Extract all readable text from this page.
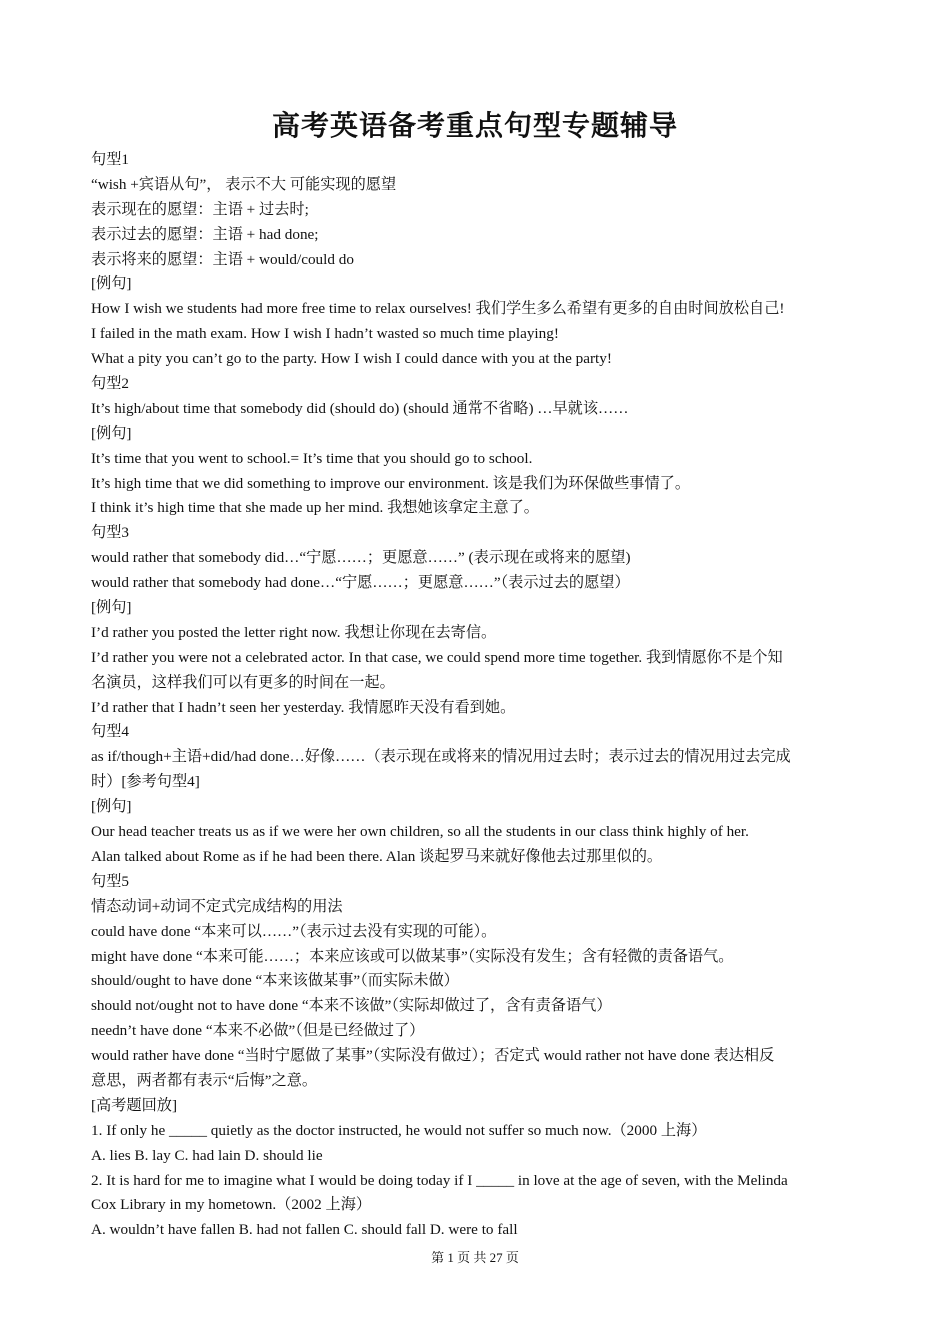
高考英语备考重点句型专题辅导
句型1
“wish +宾语从句”， 表示不大 可能实现的愿望
表示现在的愿望：主语 + 过去时;
表示过去的愿望：主语 + had done;
表示将来的愿望：主语 + would/could do
[例句]
How I wish we students had more free time to relax ourselves! 我们学生多么希望有更多的自由时间放松自己!
I failed in the math exam. How I wish I hadn’t wasted so much time playing!
What a pity you can’t go to the party. How I wish I could dance with you at the party!
句型2
It’s high/about time that somebody did (should do) (should 通常不省略) …早就该……
[例句]
It’s time that you went to school.= It’s time that you should go to school.
It’s high time that we did something to improve our environment. 该是我们为环保做些事情了。
I think it’s high time that she made up her mind. 我想她该拿定主意了。
句型3
would rather that somebody did…“宁愿……；更愿意……” (表示现在或将来的愿望)
would rather that somebody had done…“宁愿……；更愿意……”（表示过去的愿望）
[例句]
I’d rather you posted the letter right now. 我想让你现在去寄信。
I’d rather you were not a celebrated actor. In that case, we could spend more time together. 我到情愿你不是个知
名演员，这样我们可以有更多的时间在一起。
I’d rather that I hadn’t seen her yesterday. 我情愿昨天没有看到她。
句型4
as if/though+主语+did/had done…好像……（表示现在或将来的情况用过去时；表示过去的情况用过去完成
时）[参考句型4]
[例句]
Our head teacher treats us as if we were her own children, so all the students in our class think highly of her.
Alan talked about Rome as if he had been there. Alan 谈起罗马来就好像他去过那里似的。
句型5
情态动词+动词不定式完成结构的用法
could have done “本来可以……”（表示过去没有实现的可能）。
might have done “本来可能……；本来应该或可以做某事”（实际没有发生；含有轻微的责备语气。
should/ought to have done “本来该做某事”（而实际未做）
should not/ought not to have done “本来不该做”（实际却做过了，含有责备语气）
needn’t have done “本来不必做”（但是已经做过了）
would rather have done “当时宁愿做了某事”（实际没有做过）；否定式 would rather not have done 表达相反
意思，两者都有表示“后悔”之意。
[高考题回放]
1. If only he _____ quietly as the doctor instructed, he would not suffer so much now.（2000 上海）
A. lies B. lay C. had lain D. should lie
2. It is hard for me to imagine what I would be doing today if I _____ in love at the age of seven, with the Melinda
Cox Library in my hometown.（2002 上海）
A. wouldn’t have fallen B. had not fallen C. should fall D. were to fall
第 1 页 共 27 页
